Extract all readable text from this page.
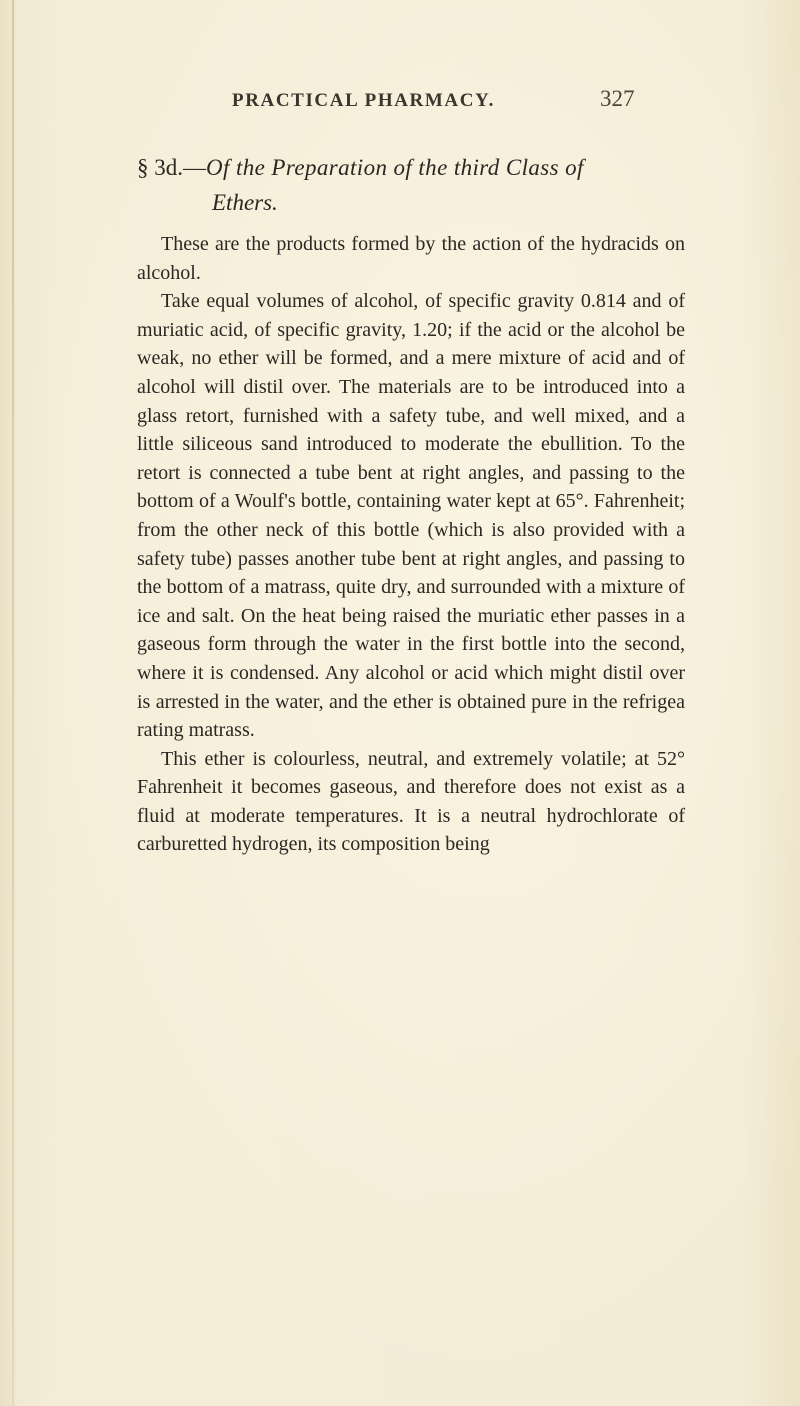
PRACTICAL PHARMACY.	327
§ 3d.—Of the Preparation of the third Class of
Ethers.

These are the products formed by the action of the hydracids on alcohol.

Take equal volumes of alcohol, of specific gravity 0.814 and of muriatic acid, of specific gravity, 1.20; if the acid or the alcohol be weak, no ether will be formed, and a mere mixture of acid and of alcohol will distil over. The materials are to be introduced into a glass retort, furnished with a safety tube, and well mixed, and a little siliceous sand introduced to moderate the ebullition. To the retort is connected a tube bent at right angles, and passing to the bottom of a Woulf's bottle, containing water kept at 65°. Fahrenheit; from the other neck of this bottle (which is also provided with a safety tube) passes another tube bent at right angles, and passing to the bottom of a matrass, quite dry, and surrounded with a mixture of ice and salt. On the heat being raised the muriatic ether passes in a gaseous form through the water in the first bottle into the second, where it is condensed. Any alcohol or acid which might distil over is arrested in the water, and the ether is obtained pure in the refrigea rating matrass.

This ether is colourless, neutral, and extremely volatile; at 52° Fahrenheit it becomes gaseous, and therefore does not exist as a fluid at moderate temperatures. It is a neutral hydrochlorate of carburetted hydrogen, its composition being
